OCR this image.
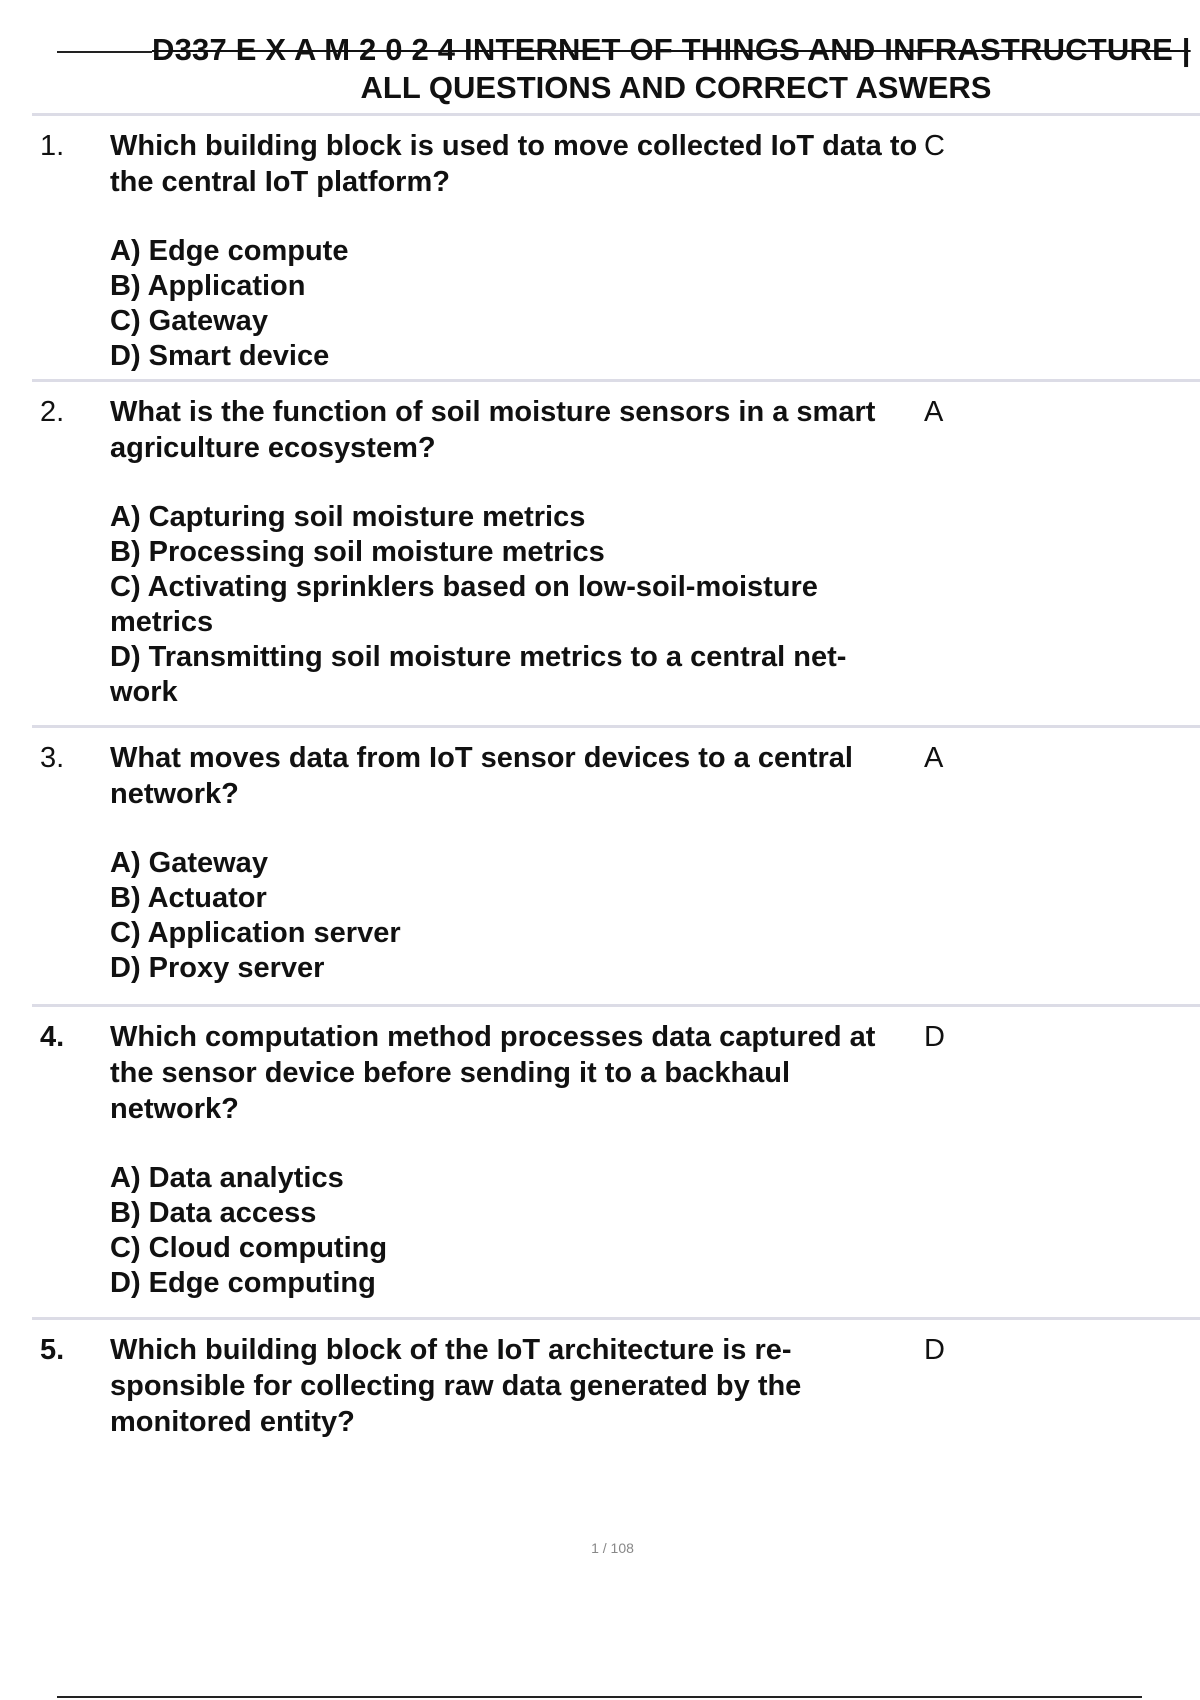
D337 E X A M 2 0 2 4 INTERNET OF THINGS AND INFRASTRUCTURE |
ALL QUESTIONS AND CORRECT ASWERS
1.	C
Which building block is used to move collected IoT data to the central IoT platform?
A) Edge compute
B) Application
C) Gateway
D) Smart device
2.	A
What is the function of soil moisture sensors in a smart agriculture ecosystem?
A) Capturing soil moisture metrics
B) Processing soil moisture metrics
C) Activating sprinklers based on low-soil-moisture metrics
D) Transmitting soil moisture metrics to a central net- work
3.	A
What moves data from IoT sensor devices to a central network?
A) Gateway
B) Actuator
C) Application server
D) Proxy server
4.	D
Which computation method processes data captured at the sensor device before sending it to a backhaul network?
A) Data analytics
B) Data access
C) Cloud computing
D) Edge computing
5.	D
Which building block of the IoT architecture is re- sponsible for collecting raw data generated by the monitored entity?
1 / 108
